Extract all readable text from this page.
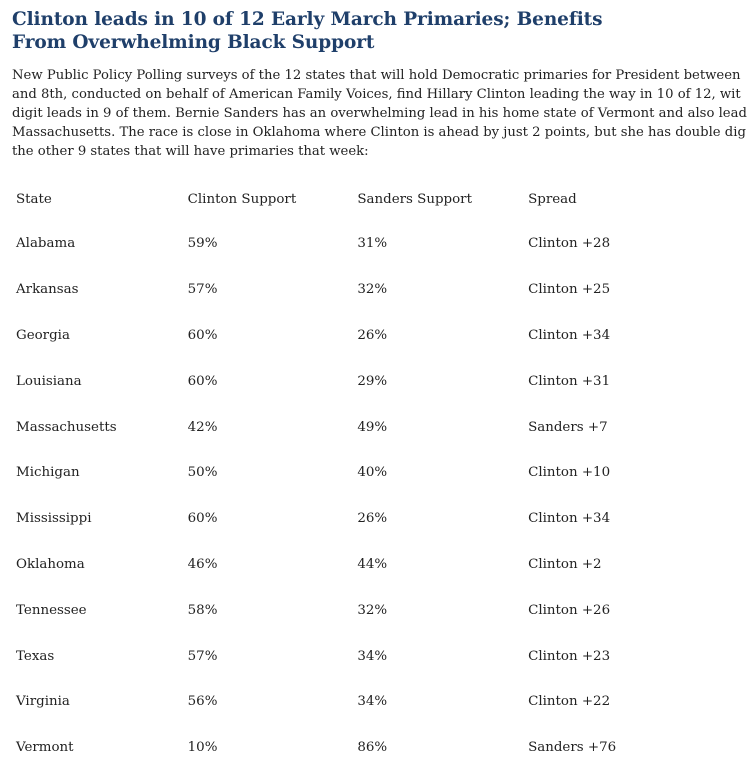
Clinton leads in 10 of 12 Early March Primaries; Benefits From Overwhelming Black Support
New Public Policy Polling surveys of the 12 states that will hold Democratic primaries for President between
and 8th, conducted on behalf of American Family Voices, find Hillary Clinton leading the way in 10 of 12, wit
digit leads in 9 of them. Bernie Sanders has an overwhelming lead in his home state of Vermont and also lead
Massachusetts. The race is close in Oklahoma where Clinton is ahead by just 2 points, but she has double dig
the other 9 states that will have primaries that week:
State	Clinton Support	Sanders Support	Spread
Alabama	59%	31%	Clinton +28
Arkansas	57%	32%	Clinton +25
Georgia	60%	26%	Clinton +34
Louisiana	60%	29%	Clinton +31
Massachusetts	42%	49%	Sanders +7
Michigan	50%	40%	Clinton +10
Mississippi	60%	26%	Clinton +34
Oklahoma	46%	44%	Clinton +2
Tennessee	58%	32%	Clinton +26
Texas	57%	34%	Clinton +23
Virginia	56%	34%	Clinton +22
Vermont	10%	86%	Sanders +76
